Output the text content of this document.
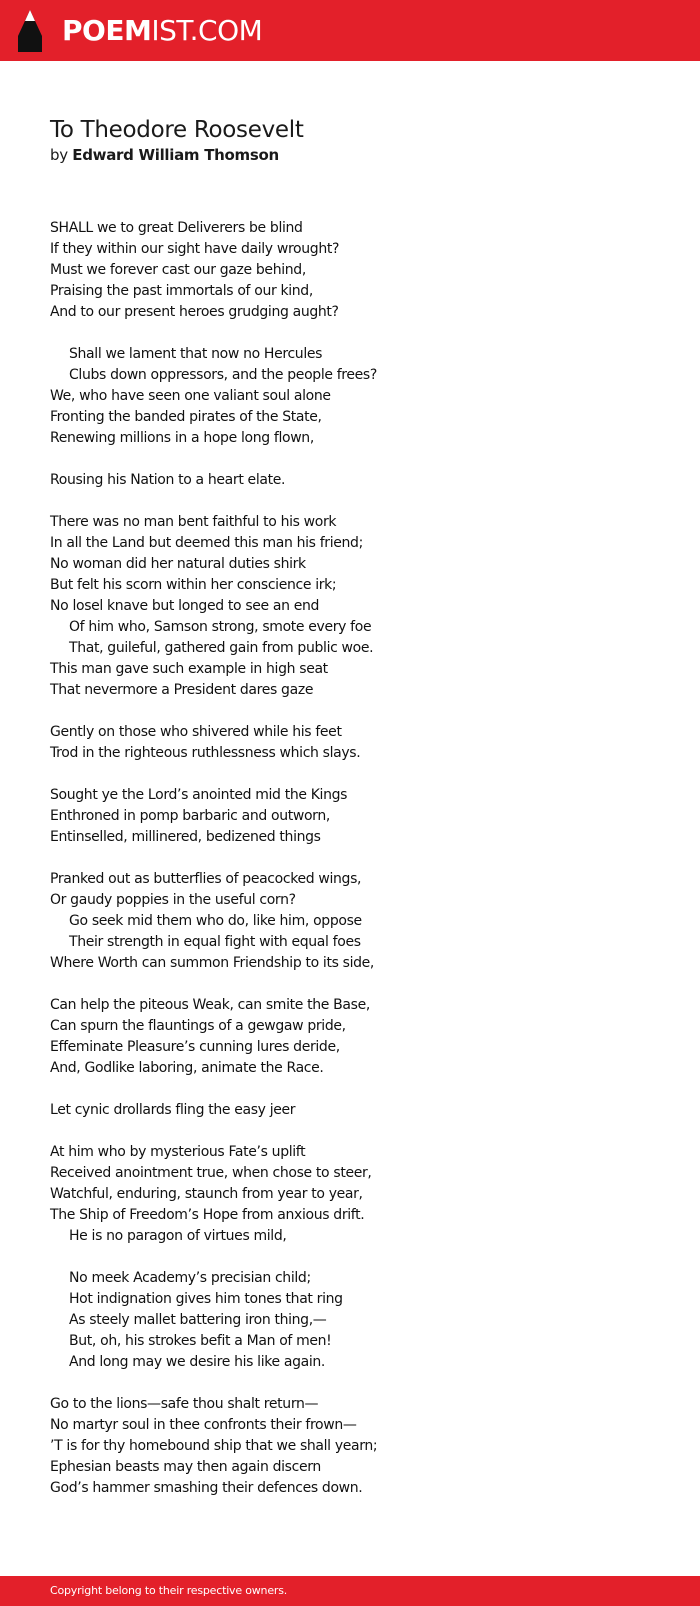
POEMIST.COM
To Theodore Roosevelt
by Edward William Thomson
SHALL we to great Deliverers be blind
If they within our sight have daily wrought?
Must we forever cast our gaze behind,
Praising the past immortals of our kind,
And to our present heroes grudging aught?
Shall we lament that now no Hercules
Clubs down oppressors, and the people frees?
We, who have seen one valiant soul alone
Fronting the banded pirates of the State,
Renewing millions in a hope long flown,
Rousing his Nation to a heart elate.
There was no man bent faithful to his work
In all the Land but deemed this man his friend;
No woman did her natural duties shirk
But felt his scorn within her conscience irk;
No losel knave but longed to see an end
Of him who, Samson strong, smote every foe
That, guileful, gathered gain from public woe.
This man gave such example in high seat
That nevermore a President dares gaze
Gently on those who shivered while his feet
Trod in the righteous ruthlessness which slays.
Sought ye the Lord’s anointed mid the Kings
Enthroned in pomp barbaric and outworn,
Entinselled, millinered, bedizened things
Pranked out as butterflies of peacocked wings,
Or gaudy poppies in the useful corn?
Go seek mid them who do, like him, oppose
Their strength in equal fight with equal foes
Where Worth can summon Friendship to its side,
Can help the piteous Weak, can smite the Base,
Can spurn the flauntings of a gewgaw pride,
Effeminate Pleasure’s cunning lures deride,
And, Godlike laboring, animate the Race.
Let cynic drollards fling the easy jeer
At him who by mysterious Fate’s uplift
Received anointment true, when chose to steer,
Watchful, enduring, staunch from year to year,
The Ship of Freedom’s Hope from anxious drift.
He is no paragon of virtues mild,
No meek Academy’s precisian child;
Hot indignation gives him tones that ring
As steely mallet battering iron thing,—
But, oh, his strokes befit a Man of men!
And long may we desire his like again.
Go to the lions—safe thou shalt return—
No martyr soul in thee confronts their frown—
’T is for thy homebound ship that we shall yearn;
Ephesian beasts may then again discern
God’s hammer smashing their defences down.
Copyright belong to their respective owners.
